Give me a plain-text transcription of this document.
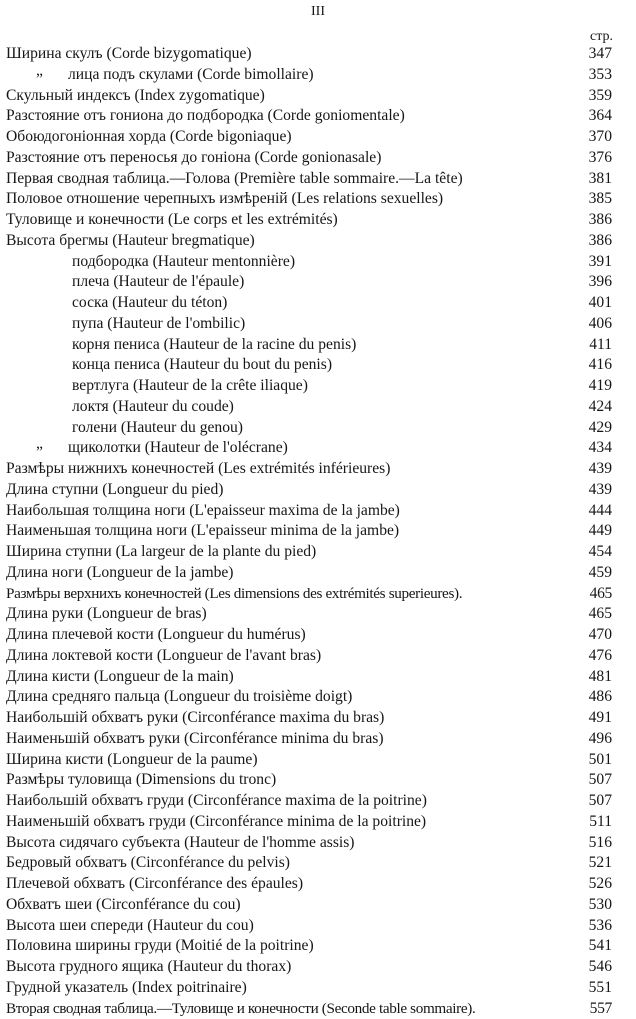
III
стр.
Ширина скулъ (Corde bizygomatique)	347
„ лица подъ скулами (Corde bimollaire)	353
Скульный индексъ (Index zygomatique)	359
Разстояние отъ гониона до подбородка (Corde goniomentale)	364
Обоюдогоніонная хорда (Corde bigoniaque)	370
Разстояние отъ переносья до гоніона (Corde gonionasale)	376
Первая сводная таблица.—Голова (Première table sommaire.—La tête)	381
Половое отношение черепныхъ измѣреній (Les relations sexuelles)	385
Туловище и конечности (Le corps et les extrémités)	386
Высота брегмы (Hauteur bregmatique)	386
подбородка (Hauteur mentonnière)	391
плеча (Hauteur de l'épaule)	396
соска (Hauteur du téton)	401
пупа (Hauteur de l'ombilic)	406
корня пениса (Hauteur de la racine du penis)	411
конца пениса (Hauteur du bout du penis)	416
вертлуга (Hauteur de la crête iliaque)	419
локтя (Hauteur du coude)	424
голени (Hauteur du genou)	429
„ щиколотки (Hauteur de l'olécrane)	434
Размѣры нижнихъ конечностей (Les extrémités inférieures)	439
Длина ступни (Longueur du pied)	439
Наибольшая толщина ноги (L'epaisseur maxima de la jambe)	444
Наименьшая толщина ноги (L'epaisseur minima de la jambe)	449
Ширина ступни (La largeur de la plante du pied)	454
Длина ноги (Longueur de la jambe)	459
Размѣры верхнихъ конечностей (Les dimensions des extrémités superieures).	465
Длина руки (Longueur de bras)	465
Длина плечевой кости (Longueur du humérus)	470
Длина локтевой кости (Longueur de l'avant bras)	476
Длина кисти (Longueur de la main)	481
Длина средняго пальца (Longueur du troisième doigt)	486
Наибольшій обхватъ руки (Circonférance maxima du bras)	491
Наименьшій обхватъ руки (Circonférance minima du bras)	496
Ширина кисти (Longueur de la paume)	501
Размѣры туловища (Dimensions du tronc)	507
Наибольшій обхватъ груди (Circonférance maxima de la poitrine)	507
Наименьшій обхватъ груди (Circonférance minima de la poitrine)	511
Высота сидячаго субъекта (Hauteur de l'homme assis)	516
Бедровый обхватъ (Circonférance du pelvis)	521
Плечевой обхватъ (Circonférance des épaules)	526
Обхватъ шеи (Circonférance du cou)	530
Высота шеи спереди (Hauteur du cou)	536
Половина ширины груди (Moitié de la poitrine)	541
Высота грудного ящика (Hauteur du thorax)	546
Грудной указатель (Index poitrinaire)	551
Вторая сводная таблица.—Туловище и конечности (Seconde table sommaire).	557
